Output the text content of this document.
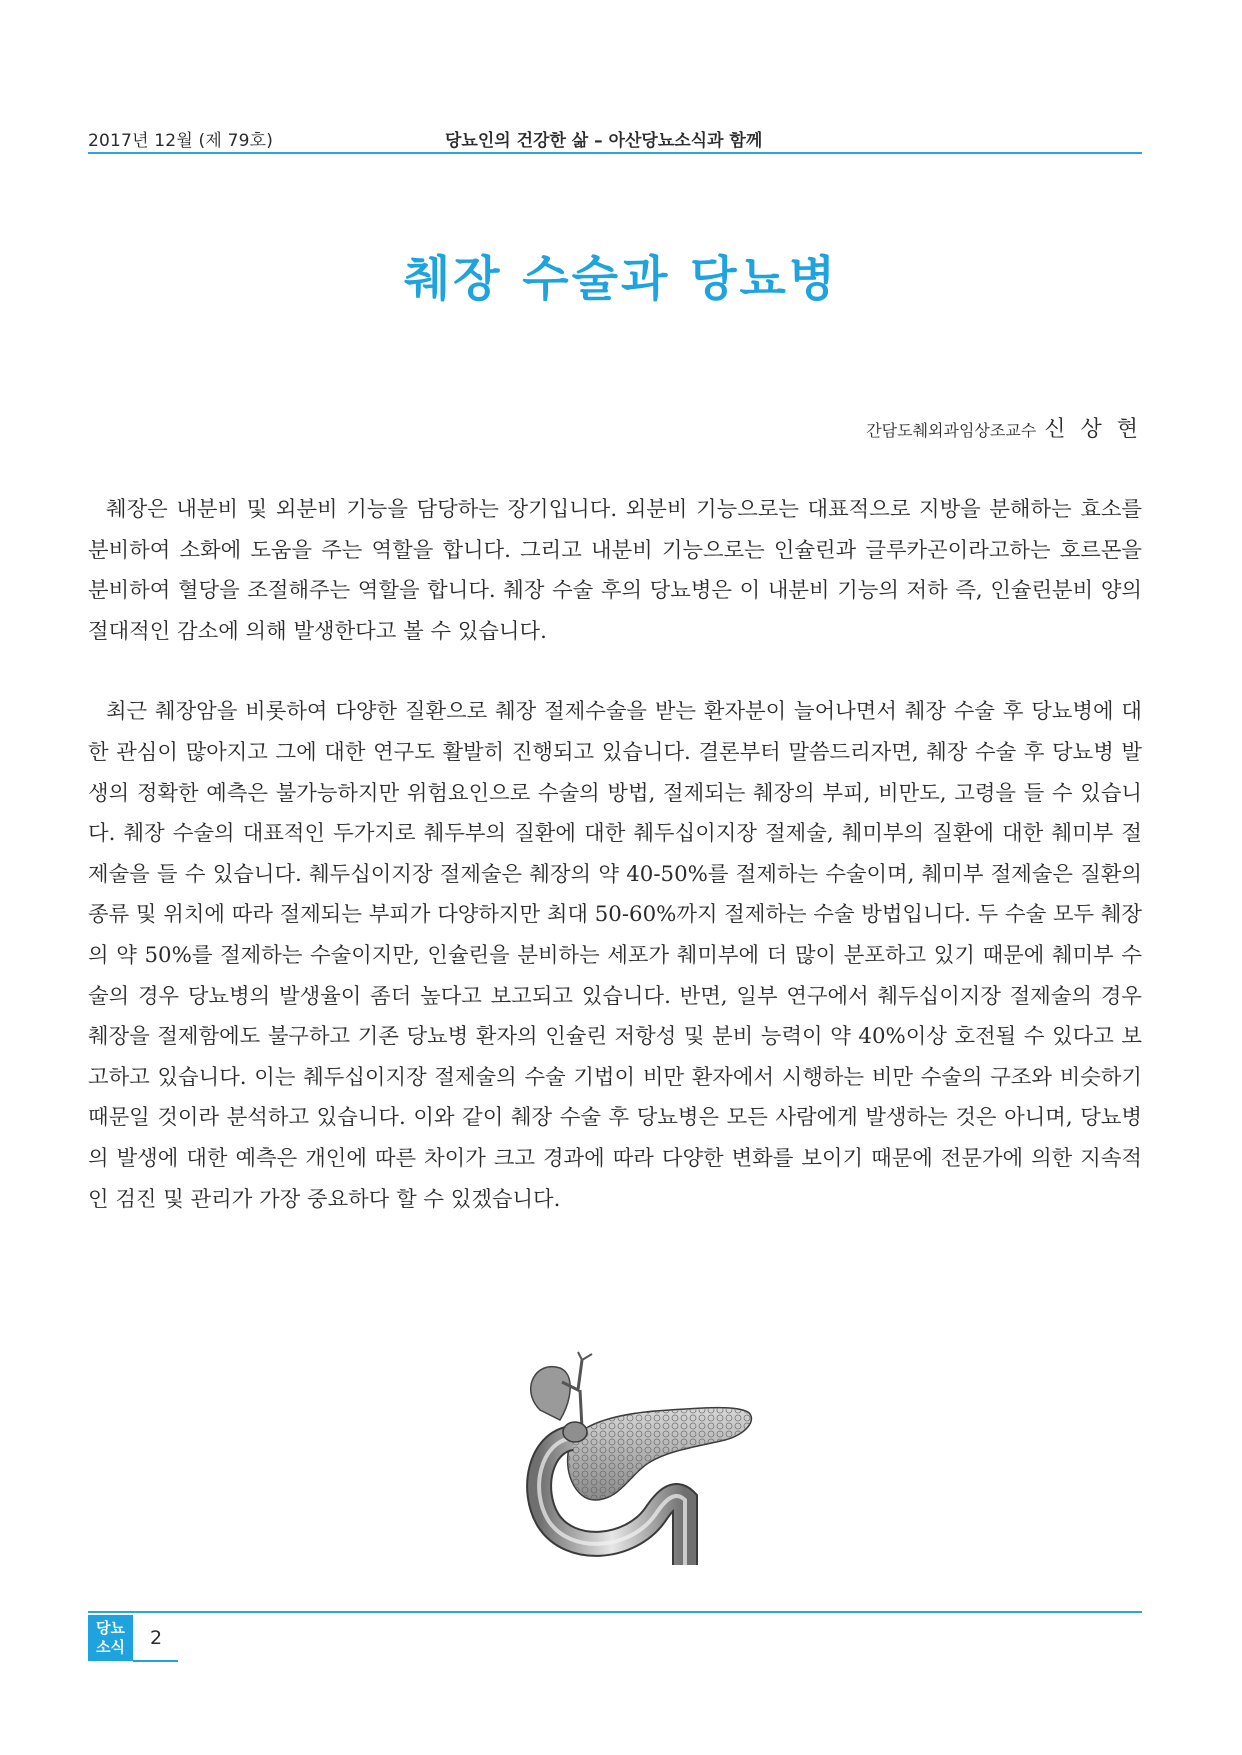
2017년 12월 (제 79호)	당뇨인의 건강한 삶 – 아산당뇨소식과 함께
췌장 수술과 당뇨병
간담도췌외과임상조교수 신 상 현

췌장은 내분비 및 외분비 기능을 담당하는 장기입니다. 외분비 기능으로는 대표적으로 지방을 분해하는 효소를 분비하여 소화에 도움을 주는 역할을 합니다. 그리고 내분비 기능으로는 인슐린과 글루카곤이라고하는 호르몬을 분비하여 혈당을 조절해주는 역할을 합니다. 췌장 수술 후의 당뇨병은 이 내분비 기능의 저하 즉, 인슐린분비 양의 절대적인 감소에 의해 발생한다고 볼 수 있습니다.

최근 췌장암을 비롯하여 다양한 질환으로 췌장 절제수술을 받는 환자분이 늘어나면서 췌장 수술 후 당뇨병에 대한 관심이 많아지고 그에 대한 연구도 활발히 진행되고 있습니다. 결론부터 말씀드리자면, 췌장 수술 후 당뇨병 발생의 정확한 예측은 불가능하지만 위험요인으로 수술의 방법, 절제되는 췌장의 부피, 비만도, 고령을 들 수 있습니다. 췌장 수술의 대표적인 두가지로 췌두부의 질환에 대한 췌두십이지장 절제술, 췌미부의 질환에 대한 췌미부 절제술을 들 수 있습니다. 췌두십이지장 절제술은 췌장의 약 40-50%를 절제하는 수술이며, 췌미부 절제술은 질환의 종류 및 위치에 따라 절제되는 부피가 다양하지만 최대 50-60%까지 절제하는 수술 방법입니다. 두 수술 모두 췌장의 약 50%를 절제하는 수술이지만, 인슐린을 분비하는 세포가 췌미부에 더 많이 분포하고 있기 때문에 췌미부 수술의 경우 당뇨병의 발생율이 좀더 높다고 보고되고 있습니다. 반면, 일부 연구에서 췌두십이지장 절제술의 경우 췌장을 절제함에도 불구하고 기존 당뇨병 환자의 인슐린 저항성 및 분비 능력이 약 40%이상 호전될 수 있다고 보고하고 있습니다. 이는 췌두십이지장 절제술의 수술 기법이 비만 환자에서 시행하는 비만 수술의 구조와 비슷하기 때문일 것이라 분석하고 있습니다. 이와 같이 췌장 수술 후 당뇨병은 모든 사람에게 발생하는 것은 아니며, 당뇨병의 발생에 대한 예측은 개인에 따른 차이가 크고 경과에 따라 다양한 변화를 보이기 때문에 전문가에 의한 지속적인 검진 및 관리가 가장 중요하다 할 수 있겠습니다.

당뇨
소식	2
